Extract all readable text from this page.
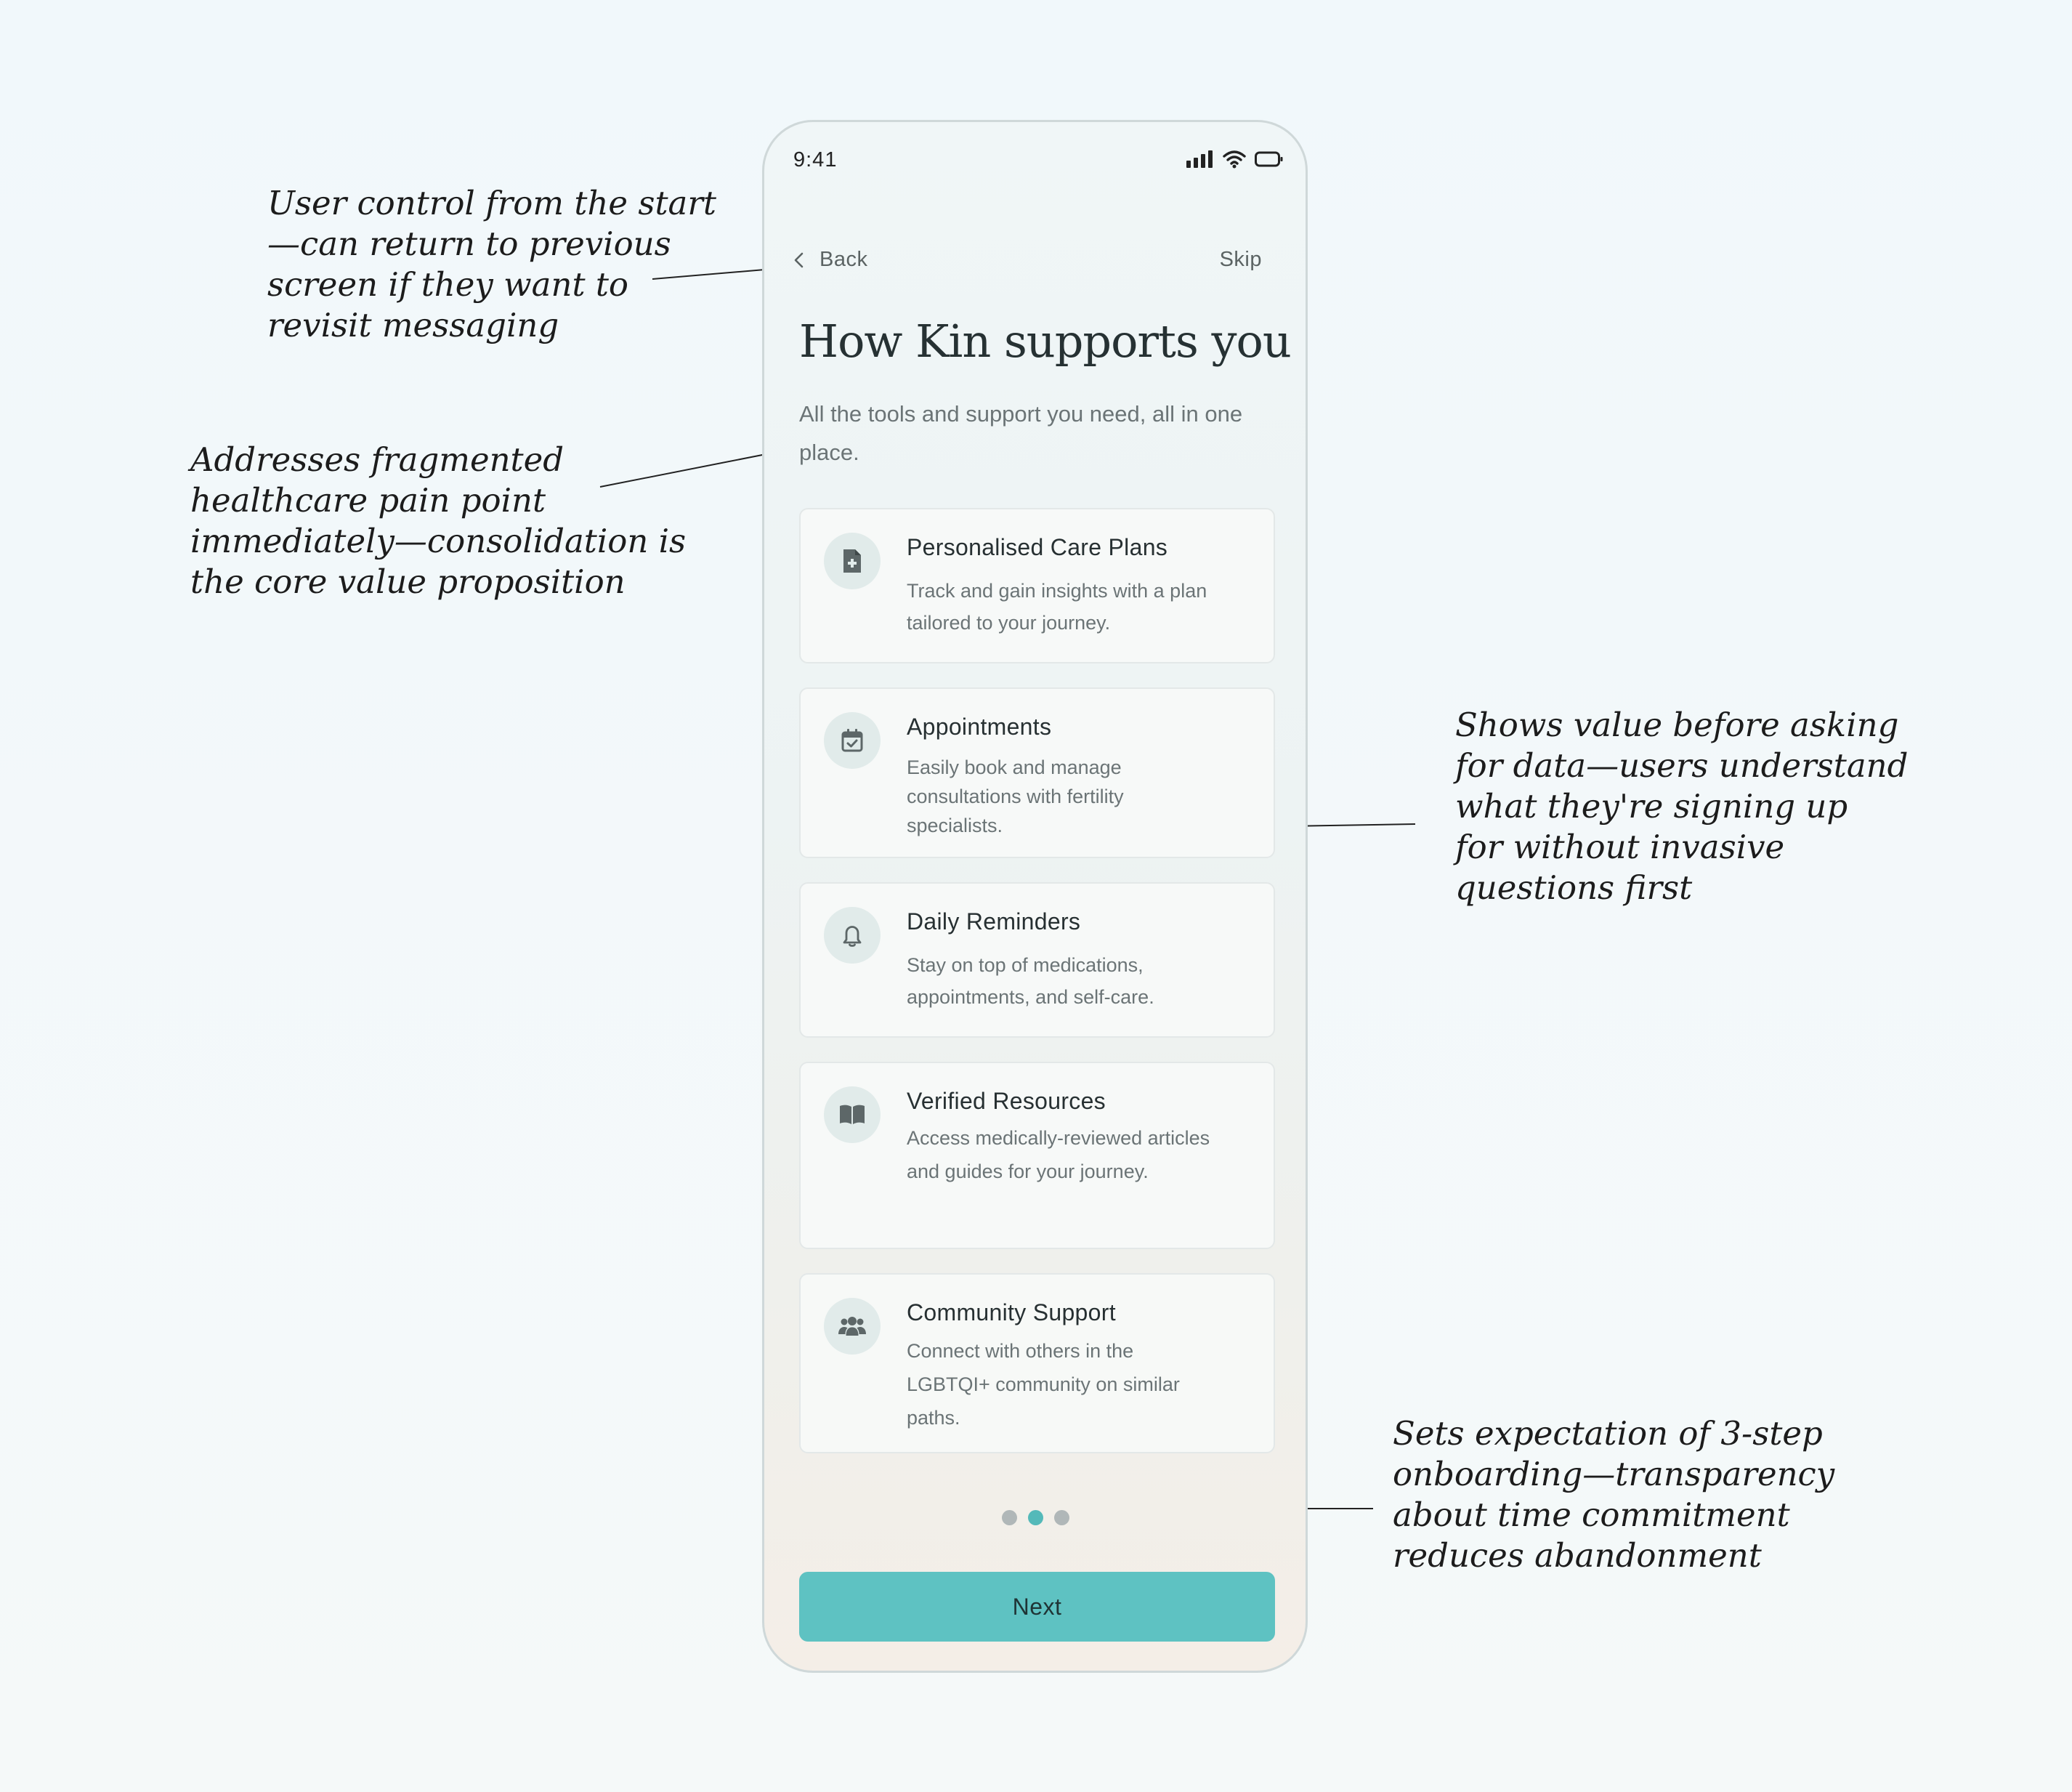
User control from the start
—can return to previous
screen if they want to
revisit messaging

Addresses fragmented
healthcare pain point
immediately—consolidation is
the core value proposition

Shows value before asking
for data—users understand
what they're signing up
for without invasive
questions first

Sets expectation of 3-step
onboarding—transparency
about time commitment
reduces abandonment

9:41
Back	Skip
How Kin supports you

All the tools and support you need, all in one place.

Personalised Care Plans
Track and gain insights with a plan tailored to your journey.
Appointments
Easily book and manage consultations with fertility specialists.
Daily Reminders
Stay on top of medications, appointments, and self-care.
Verified Resources
Access medically-reviewed articles and guides for your journey.
Community Support
Connect with others in the LGBTQI+ community on similar paths.
Next
